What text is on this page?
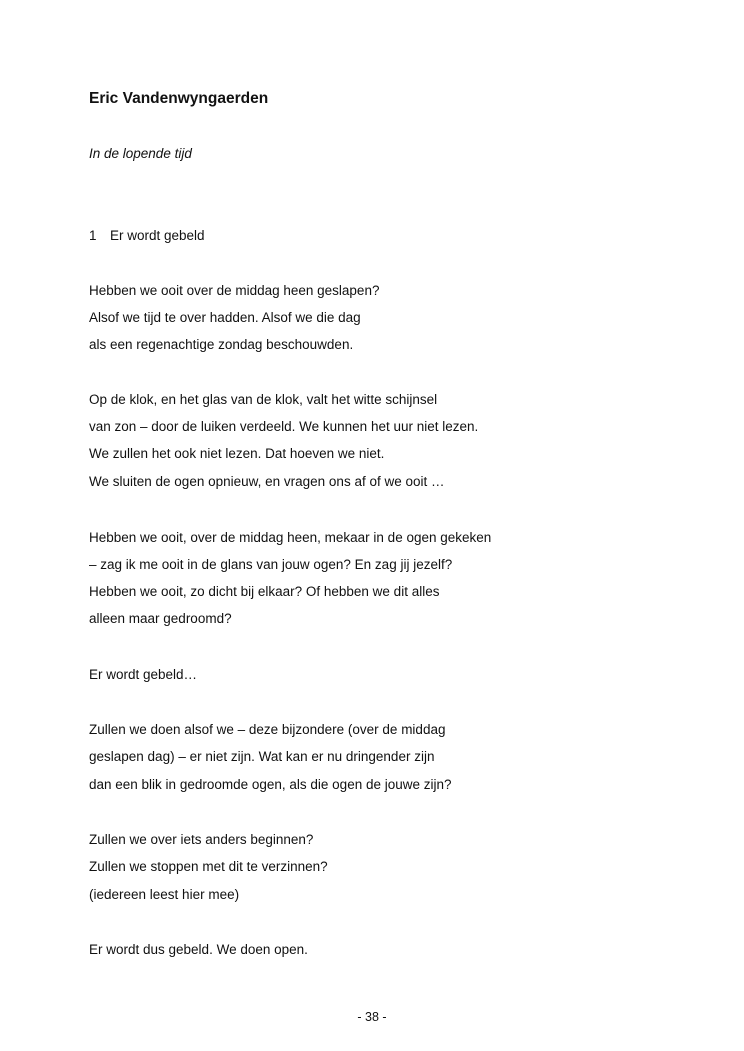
Eric Vandenwyngaerden
In de lopende tijd
1 Er wordt gebeld
Hebben we ooit over de middag heen geslapen?
Alsof we tijd te over hadden. Alsof we die dag
als een regenachtige zondag beschouwden.
Op de klok, en het glas van de klok, valt het witte schijnsel
van zon – door de luiken verdeeld. We kunnen het uur niet lezen.
We zullen het ook niet lezen. Dat hoeven we niet.
We sluiten de ogen opnieuw, en vragen ons af of we ooit …
Hebben we ooit, over de middag heen, mekaar in de ogen gekeken
– zag ik me ooit in de glans van jouw ogen? En zag jij jezelf?
Hebben we ooit, zo dicht bij elkaar? Of hebben we dit alles
alleen maar gedroomd?
Er wordt gebeld…
Zullen we doen alsof we – deze bijzondere (over de middag
geslapen dag) – er niet zijn. Wat kan er nu dringender zijn
dan een blik in gedroomde ogen, als die ogen de jouwe zijn?
Zullen we over iets anders beginnen?
Zullen we stoppen met dit te verzinnen?
(iedereen leest hier mee)
Er wordt dus gebeld. We doen open.
- 38 -
